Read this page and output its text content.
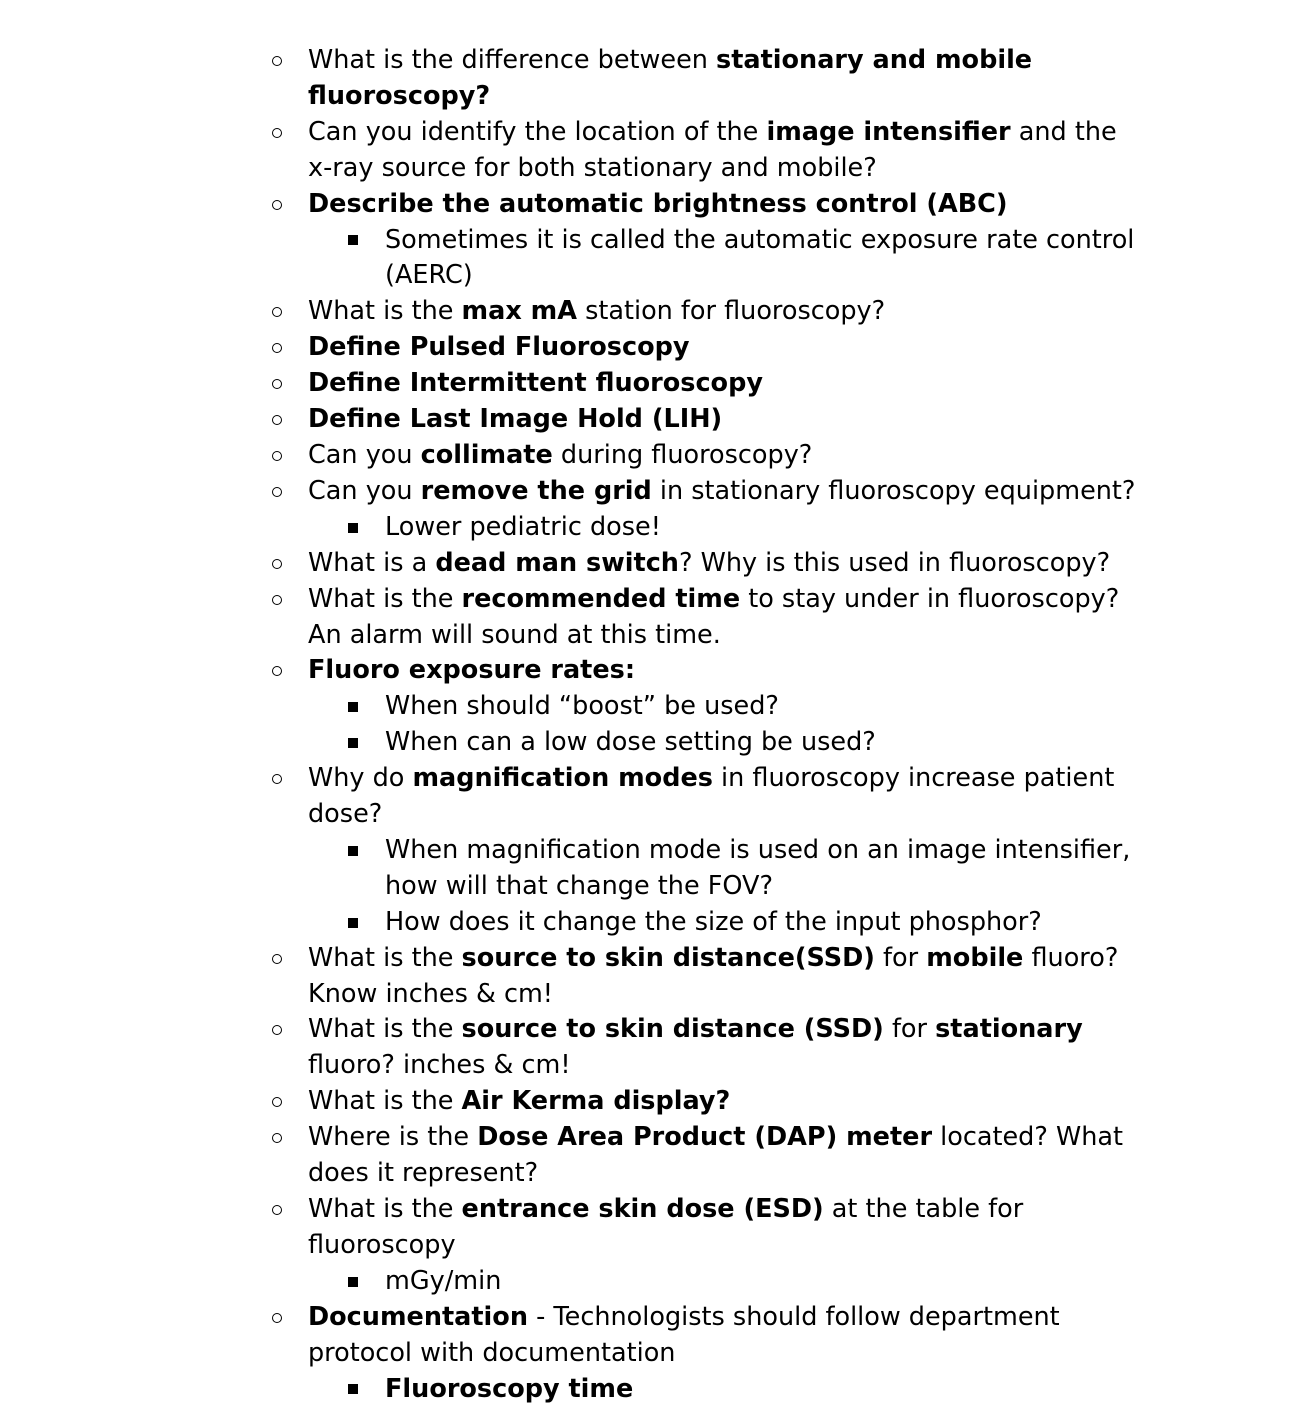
What is the difference between stationary and mobile fluoroscopy?
Can you identify the location of the image intensifier and the x-ray source for both stationary and mobile?
Describe the automatic brightness control (ABC)
Sometimes it is called the automatic exposure rate control (AERC)
What is the max mA station for fluoroscopy?
Define Pulsed Fluoroscopy
Define Intermittent fluoroscopy
Define Last Image Hold (LIH)
Can you collimate during fluoroscopy?
Can you remove the grid in stationary fluoroscopy equipment?
Lower pediatric dose!
What is a dead man switch? Why is this used in fluoroscopy?
What is the recommended time to stay under in fluoroscopy? An alarm will sound at this time.
Fluoro exposure rates:
When should “boost” be used?
When can a low dose setting be used?
Why do magnification modes in fluoroscopy increase patient dose?
When magnification mode is used on an image intensifier, how will that change the FOV?
How does it change the size of the input phosphor?
What is the source to skin distance(SSD) for mobile fluoro? Know inches & cm!
What is the source to skin distance (SSD) for stationary fluoro? inches & cm!
What is the Air Kerma display?
Where is the Dose Area Product (DAP) meter located? What does it represent?
What is the entrance skin dose (ESD) at the table for fluoroscopy
mGy/min
Documentation - Technologists should follow department protocol with documentation
Fluoroscopy time
